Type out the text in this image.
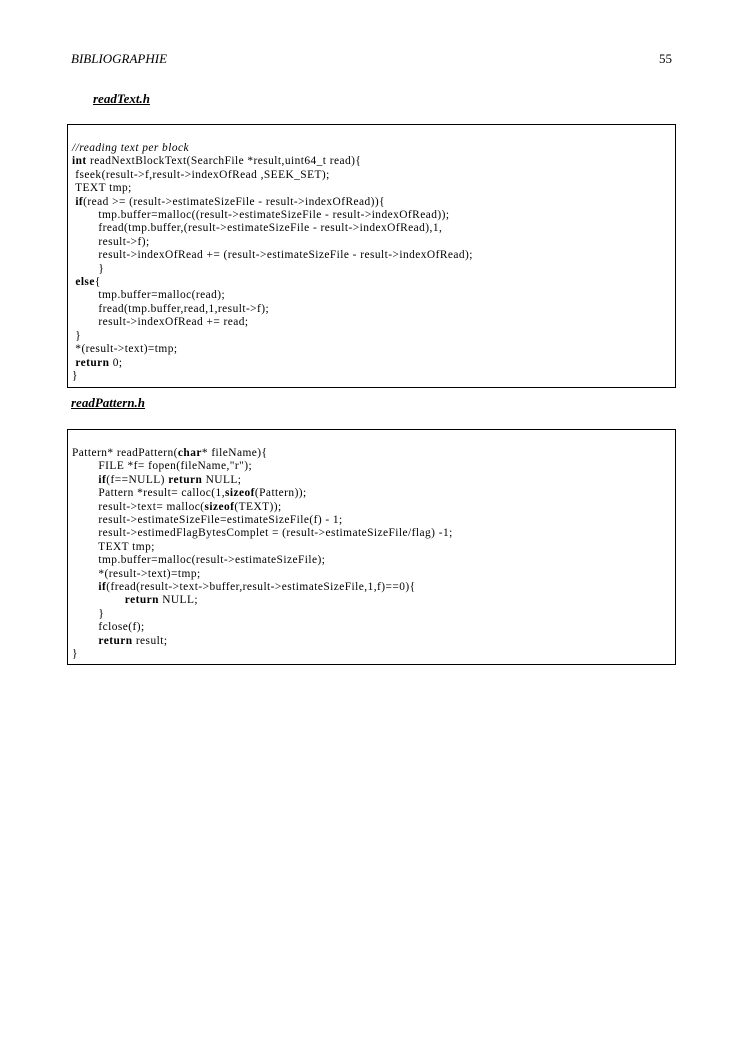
BIBLIOGRAPHIE	55
readText.h
//reading text per block
int readNextBlockText(SearchFile *result,uint64_t read){
fseek(result->f,result->indexOfRead ,SEEK_SET);
TEXT tmp;
if(read >= (result->estimateSizeFile - result->indexOfRead)){
tmp.buffer=malloc((result->estimateSizeFile - result->indexOfRead));
fread(tmp.buffer,(result->estimateSizeFile - result->indexOfRead),1,
result->f);
result->indexOfRead += (result->estimateSizeFile - result->indexOfRead);
}
else{
tmp.buffer=malloc(read);
fread(tmp.buffer,read,1,result->f);
result->indexOfRead += read;
}
*(result->text)=tmp;
return 0;
}

readPattern.h
Pattern* readPattern(char* fileName){
FILE *f= fopen(fileName,"r");
if(f==NULL) return NULL;
Pattern *result= calloc(1,sizeof(Pattern));
result->text= malloc(sizeof(TEXT));
result->estimateSizeFile=estimateSizeFile(f) - 1;
result->estimedFlagBytesComplet = (result->estimateSizeFile/flag) -1;
TEXT tmp;
tmp.buffer=malloc(result->estimateSizeFile);
*(result->text)=tmp;
if(fread(result->text->buffer,result->estimateSizeFile,1,f)==0){
return NULL;
}
fclose(f);
return result;
}
